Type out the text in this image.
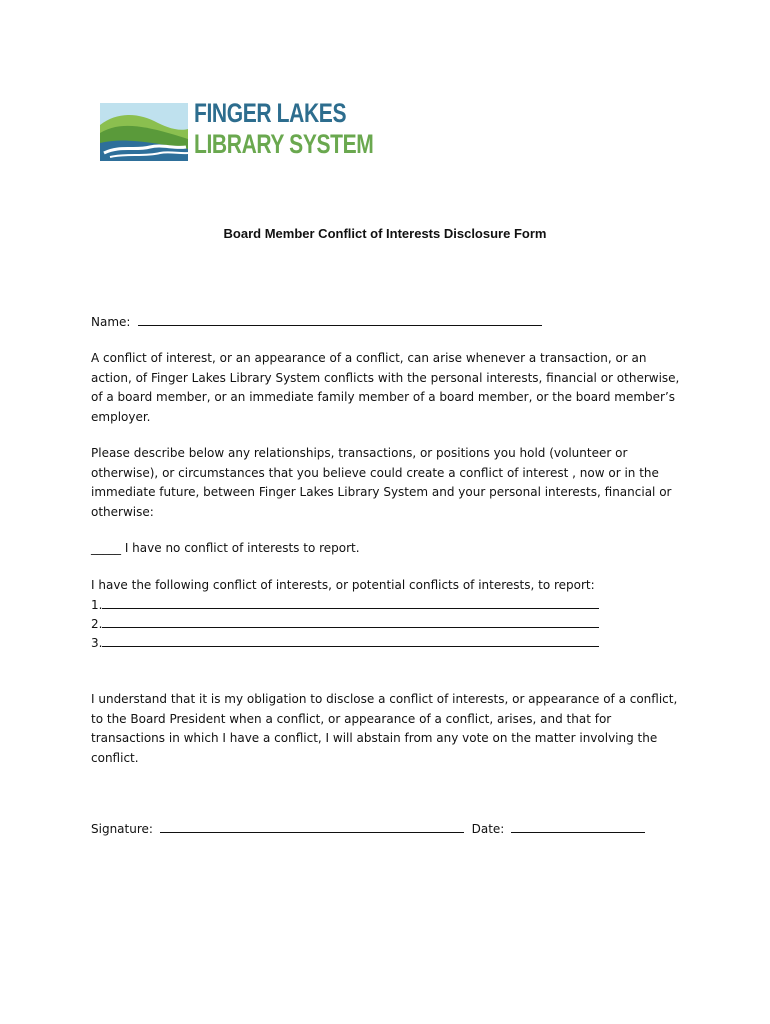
FINGER LAKES
LIBRARY SYSTEM
Board Member Conflict of Interests Disclosure Form
Name:
A conflict of interest, or an appearance of a conflict, can arise whenever a transaction, or an action, of Finger Lakes Library System conflicts with the personal interests, financial or otherwise, of a board member, or an immediate family member of a board member, or the board member’s employer.
Please describe below any relationships, transactions, or positions you hold (volunteer or otherwise), or circumstances that you believe could create a conflict of interest , now or in the immediate future, between Finger Lakes Library System and your personal interests, financial or otherwise:
_____ I have no conflict of interests to report.
I have the following conflict of interests, or potential conflicts of interests, to report:
1.
2.
3.
I understand that it is my obligation to disclose a conflict of interests, or appearance of a conflict, to the Board President when a conflict, or appearance of a conflict, arises, and that for transactions in which I have a conflict, I will abstain from any vote on the matter involving the conflict.
Signature:	Date:
